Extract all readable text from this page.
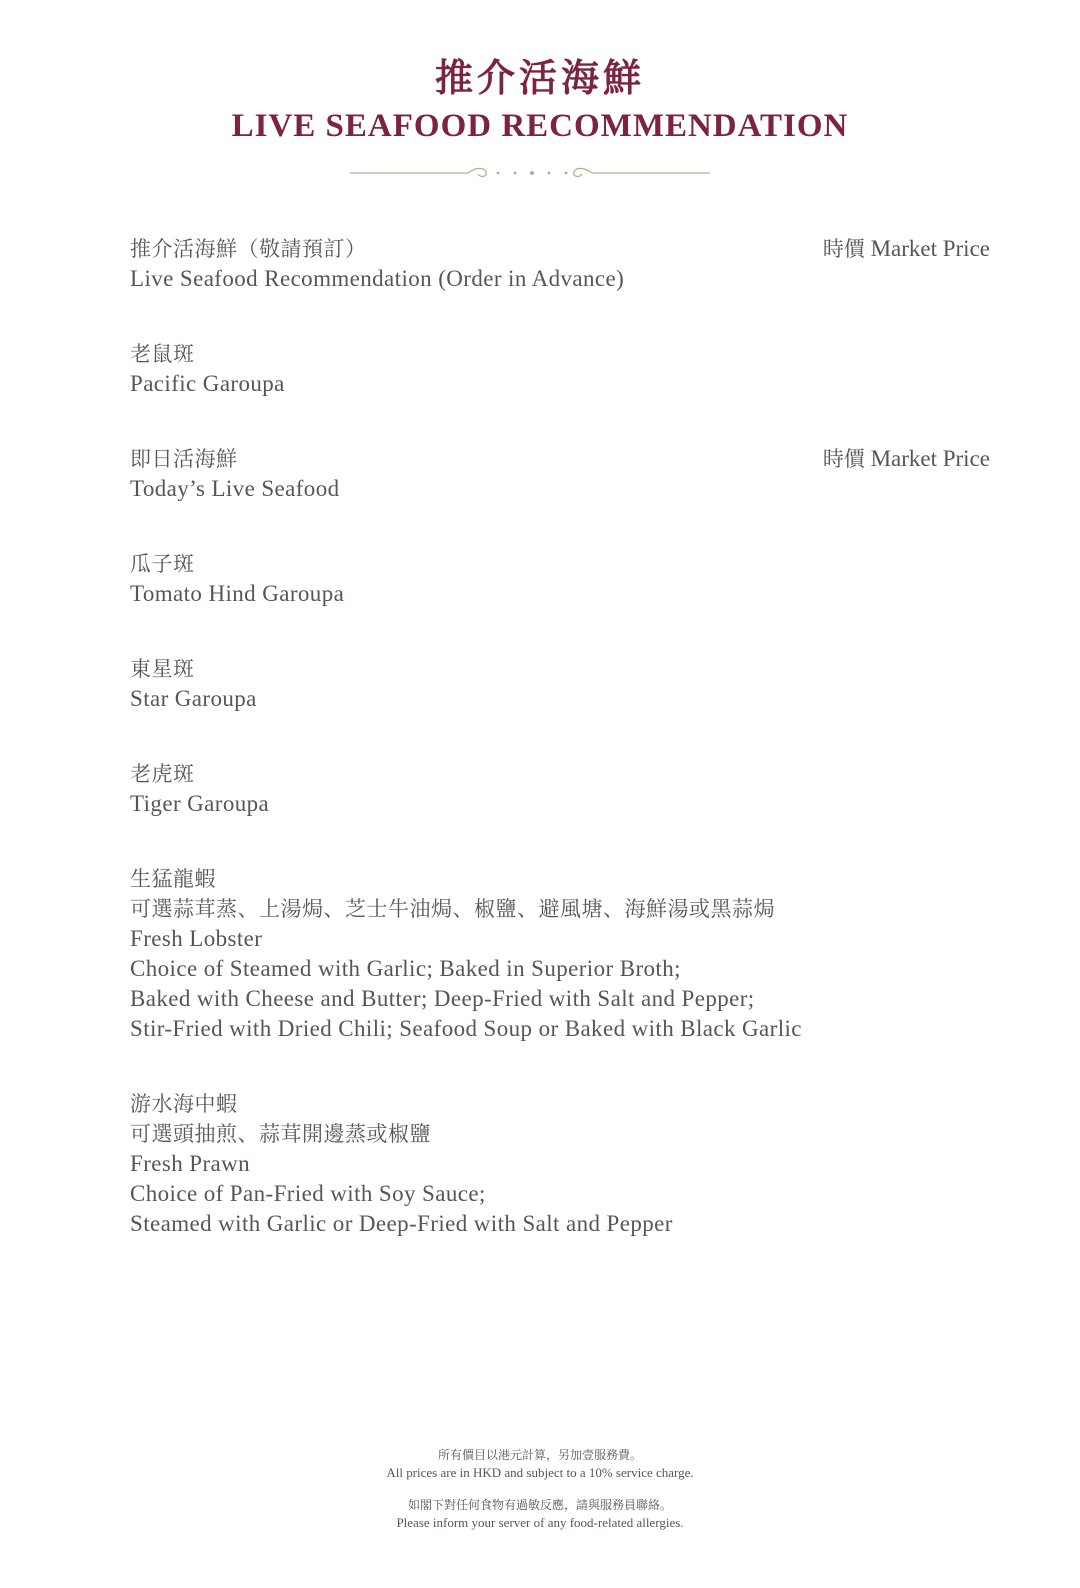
推介活海鮮
LIVE SEAFOOD RECOMMENDATION
推介活海鮮（敬請預訂）
Live Seafood Recommendation (Order in Advance)
時價 Market Price
老鼠斑
Pacific Garoupa
即日活海鮮
Today’s Live Seafood
時價 Market Price
瓜子斑
Tomato Hind Garoupa
東星斑
Star Garoupa
老虎斑
Tiger Garoupa
生猛龍蝦
可選蒜茸蒸、上湯焗、芝士牛油焗、椒鹽、避風塘、海鮮湯或黑蒜焗
Fresh Lobster
Choice of Steamed with Garlic; Baked in Superior Broth;
Baked with Cheese and Butter; Deep-Fried with Salt and Pepper;
Stir-Fried with Dried Chili; Seafood Soup or Baked with Black Garlic
游水海中蝦
可選頭抽煎、蒜茸開邊蒸或椒鹽
Fresh Prawn
Choice of Pan-Fried with Soy Sauce;
Steamed with Garlic or Deep-Fried with Salt and Pepper
所有價目以港元計算，另加壹服務費。
All prices are in HKD and subject to a 10% service charge.
如閣下對任何食物有過敏反應，請與服務員聯絡。
Please inform your server of any food-related allergies.
